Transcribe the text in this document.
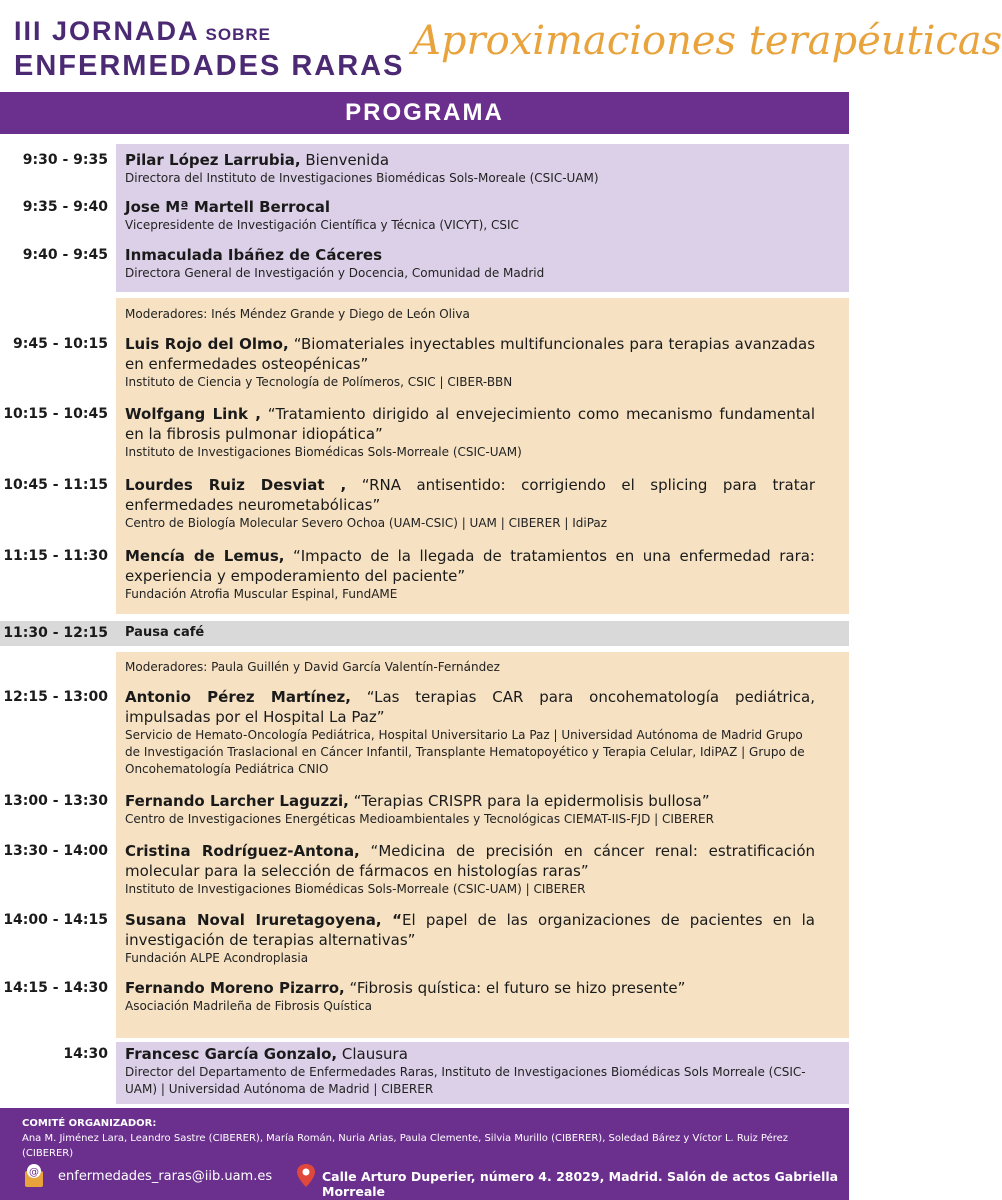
III JORNADA SOBRE
ENFERMEDADES RARAS
Aproximaciones terapéuticas
PROGRAMA
9:30 - 9:35 Pilar López Larrubia, Bienvenida
Directora del Instituto de Investigaciones Biomédicas Sols-Moreale (CSIC-UAM)
9:35 - 9:40 Jose Mª Martell Berrocal
Vicepresidente de Investigación Científica y Técnica (VICYT), CSIC
9:40 - 9:45 Inmaculada Ibáñez de Cáceres
Directora General de Investigación y Docencia, Comunidad de Madrid
Moderadores: Inés Méndez Grande y Diego de León Oliva
9:45 - 10:15 Luis Rojo del Olmo, “Biomateriales inyectables multifuncionales para terapias avanzadas en enfermedades osteopénicas”
Instituto de Ciencia y Tecnología de Polímeros, CSIC | CIBER-BBN
10:15 - 10:45 Wolfgang Link , “Tratamiento dirigido al envejecimiento como mecanismo fundamental en la fibrosis pulmonar idiopática”
Instituto de Investigaciones Biomédicas Sols-Morreale (CSIC-UAM)
10:45 - 11:15 Lourdes Ruiz Desviat , “RNA antisentido: corrigiendo el splicing para tratar enfermedades neurometabólicas”
Centro de Biología Molecular Severo Ochoa (UAM-CSIC) | UAM | CIBERER | IdiPaz
11:15 - 11:30 Mencía de Lemus, “Impacto de la llegada de tratamientos en una enfermedad rara: experiencia y empoderamiento del paciente”
Fundación Atrofia Muscular Espinal, FundAME
11:30 - 12:15 Pausa café
Moderadores: Paula Guillén y David García Valentín-Fernández
12:15 - 13:00 Antonio Pérez Martínez, “Las terapias CAR para oncohematología pediátrica, impulsadas por el Hospital La Paz”
Servicio de Hemato-Oncología Pediátrica, Hospital Universitario La Paz | Universidad Autónoma de Madrid Grupo de Investigación Traslacional en Cáncer Infantil, Transplante Hematopoyético y Terapia Celular, IdiPAZ | Grupo de Oncohematología Pediátrica CNIO
13:00 - 13:30 Fernando Larcher Laguzzi, “Terapias CRISPR para la epidermolisis bullosa”
Centro de Investigaciones Energéticas Medioambientales y Tecnológicas CIEMAT-IIS-FJD | CIBERER
13:30 - 14:00 Cristina Rodríguez-Antona, “Medicina de precisión en cáncer renal: estratificación molecular para la selección de fármacos en histologías raras”
Instituto de Investigaciones Biomédicas Sols-Morreale (CSIC-UAM) | CIBERER
14:00 - 14:15 Susana Noval Iruretagoyena, “El papel de las organizaciones de pacientes en la investigación de terapias alternativas”
Fundación ALPE Acondroplasia
14:15 - 14:30 Fernando Moreno Pizarro, “Fibrosis quística: el futuro se hizo presente”
Asociación Madrileña de Fibrosis Quística
14:30 Francesc García Gonzalo, Clausura
Director del Departamento de Enfermedades Raras, Instituto de Investigaciones Biomédicas Sols Morreale (CSIC-UAM) | Universidad Autónoma de Madrid | CIBERER
COMITÉ ORGANIZADOR:
Ana M. Jiménez Lara, Leandro Sastre (CIBERER), María Román, Nuria Arias, Paula Clemente, Silvia Murillo (CIBERER), Soledad Bárez y Víctor L. Ruiz Pérez (CIBERER)
@ enfermedades_raras@iib.uam.es	Calle Arturo Duperier, número 4. 28029, Madrid. Salón de actos Gabriella Morreale
